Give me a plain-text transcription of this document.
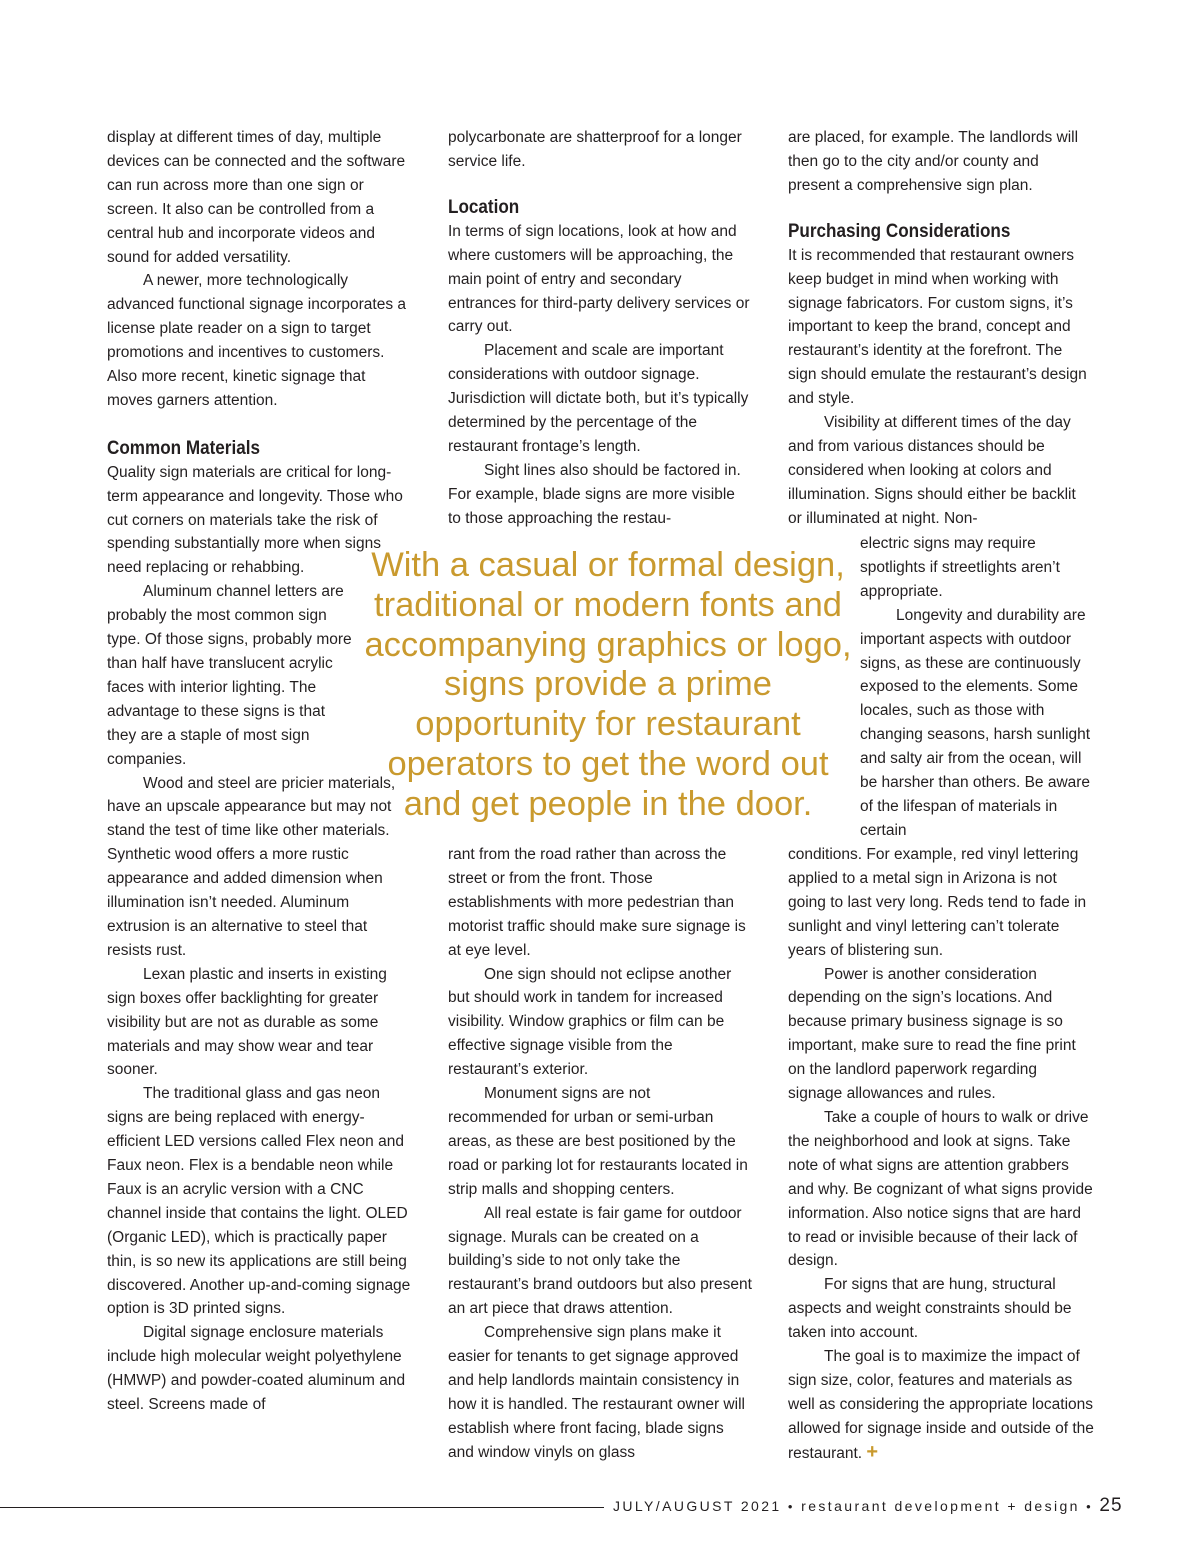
display at different times of day, multiple devices can be connected and the software can run across more than one sign or screen. It also can be controlled from a central hub and incorporate videos and sound for added versatility.

A newer, more technologically advanced functional signage incorporates a license plate reader on a sign to target promotions and incentives to customers. Also more recent, kinetic signage that moves garners attention.

Common Materials

Quality sign materials are critical for long-term appearance and longevity. Those who cut corners on materials take the risk of spending substantially more when signs need replacing or rehabbing.

Aluminum channel letters are probably the most common sign type. Of those signs, probably more than half have translucent acrylic faces with interior lighting. The advantage to these signs is that they are a staple of most sign companies.

Wood and steel are pricier materials, have an upscale appearance but may not stand the test of time like other materials. Synthetic wood offers a more rustic appearance and added dimension when illumination isn’t needed. Aluminum extrusion is an alternative to steel that resists rust.

Lexan plastic and inserts in existing sign boxes offer backlighting for greater visibility but are not as durable as some materials and may show wear and tear sooner.

The traditional glass and gas neon signs are being replaced with energy-efficient LED versions called Flex neon and Faux neon. Flex is a bendable neon while Faux is an acrylic version with a CNC channel inside that contains the light. OLED (Organic LED), which is practically paper thin, is so new its applications are still being discovered. Another up-and-coming signage option is 3D printed signs.

Digital signage enclosure materials include high molecular weight polyethylene (HMWP) and powder-coated aluminum and steel. Screens made of

polycarbonate are shatterproof for a longer service life.

Location

In terms of sign locations, look at how and where customers will be approaching, the main point of entry and secondary entrances for third-party delivery services or carry out.

Placement and scale are important considerations with outdoor signage. Jurisdiction will dictate both, but it’s typically determined by the percentage of the restaurant frontage’s length.

Sight lines also should be factored in. For example, blade signs are more visible to those approaching the restau-

With a casual or formal design, traditional or modern fonts and accompanying graphics or logo, signs provide a prime opportunity for restaurant operators to get the word out and get people in the door.

rant from the road rather than across the street or from the front. Those establishments with more pedestrian than motorist traffic should make sure signage is at eye level.

One sign should not eclipse another but should work in tandem for increased visibility. Window graphics or film can be effective signage visible from the restaurant’s exterior.

Monument signs are not recommended for urban or semi-urban areas, as these are best positioned by the road or parking lot for restaurants located in strip malls and shopping centers.

All real estate is fair game for outdoor signage. Murals can be created on a building’s side to not only take the restaurant’s brand outdoors but also present an art piece that draws attention.

Comprehensive sign plans make it easier for tenants to get signage approved and help landlords maintain consistency in how it is handled. The restaurant owner will establish where front facing, blade signs and window vinyls on glass

are placed, for example. The landlords will then go to the city and/or county and present a comprehensive sign plan.

Purchasing Considerations

It is recommended that restaurant owners keep budget in mind when working with signage fabricators. For custom signs, it’s important to keep the brand, concept and restaurant’s identity at the forefront. The sign should emulate the restaurant’s design and style.

Visibility at different times of the day and from various distances should be considered when looking at colors and illumination. Signs should either be backlit or illuminated at night. Non-

electric signs may require spotlights if streetlights aren’t appropriate.

Longevity and durability are important aspects with outdoor signs, as these are continuously exposed to the elements. Some locales, such as those with changing seasons, harsh sunlight and salty air from the ocean, will be harsher than others. Be aware of the lifespan of materials in certain

conditions. For example, red vinyl lettering applied to a metal sign in Arizona is not going to last very long. Reds tend to fade in sunlight and vinyl lettering can’t tolerate years of blistering sun.

Power is another consideration depending on the sign’s locations. And because primary business signage is so important, make sure to read the fine print on the landlord paperwork regarding signage allowances and rules.

Take a couple of hours to walk or drive the neighborhood and look at signs. Take note of what signs are attention grabbers and why. Be cognizant of what signs provide information. Also notice signs that are hard to read or invisible because of their lack of design.

For signs that are hung, structural aspects and weight constraints should be taken into account.

The goal is to maximize the impact of sign size, color, features and materials as well as considering the appropriate locations allowed for signage inside and outside of the restaurant. +

JULY/AUGUST 2021 • restaurant development + design • 25
